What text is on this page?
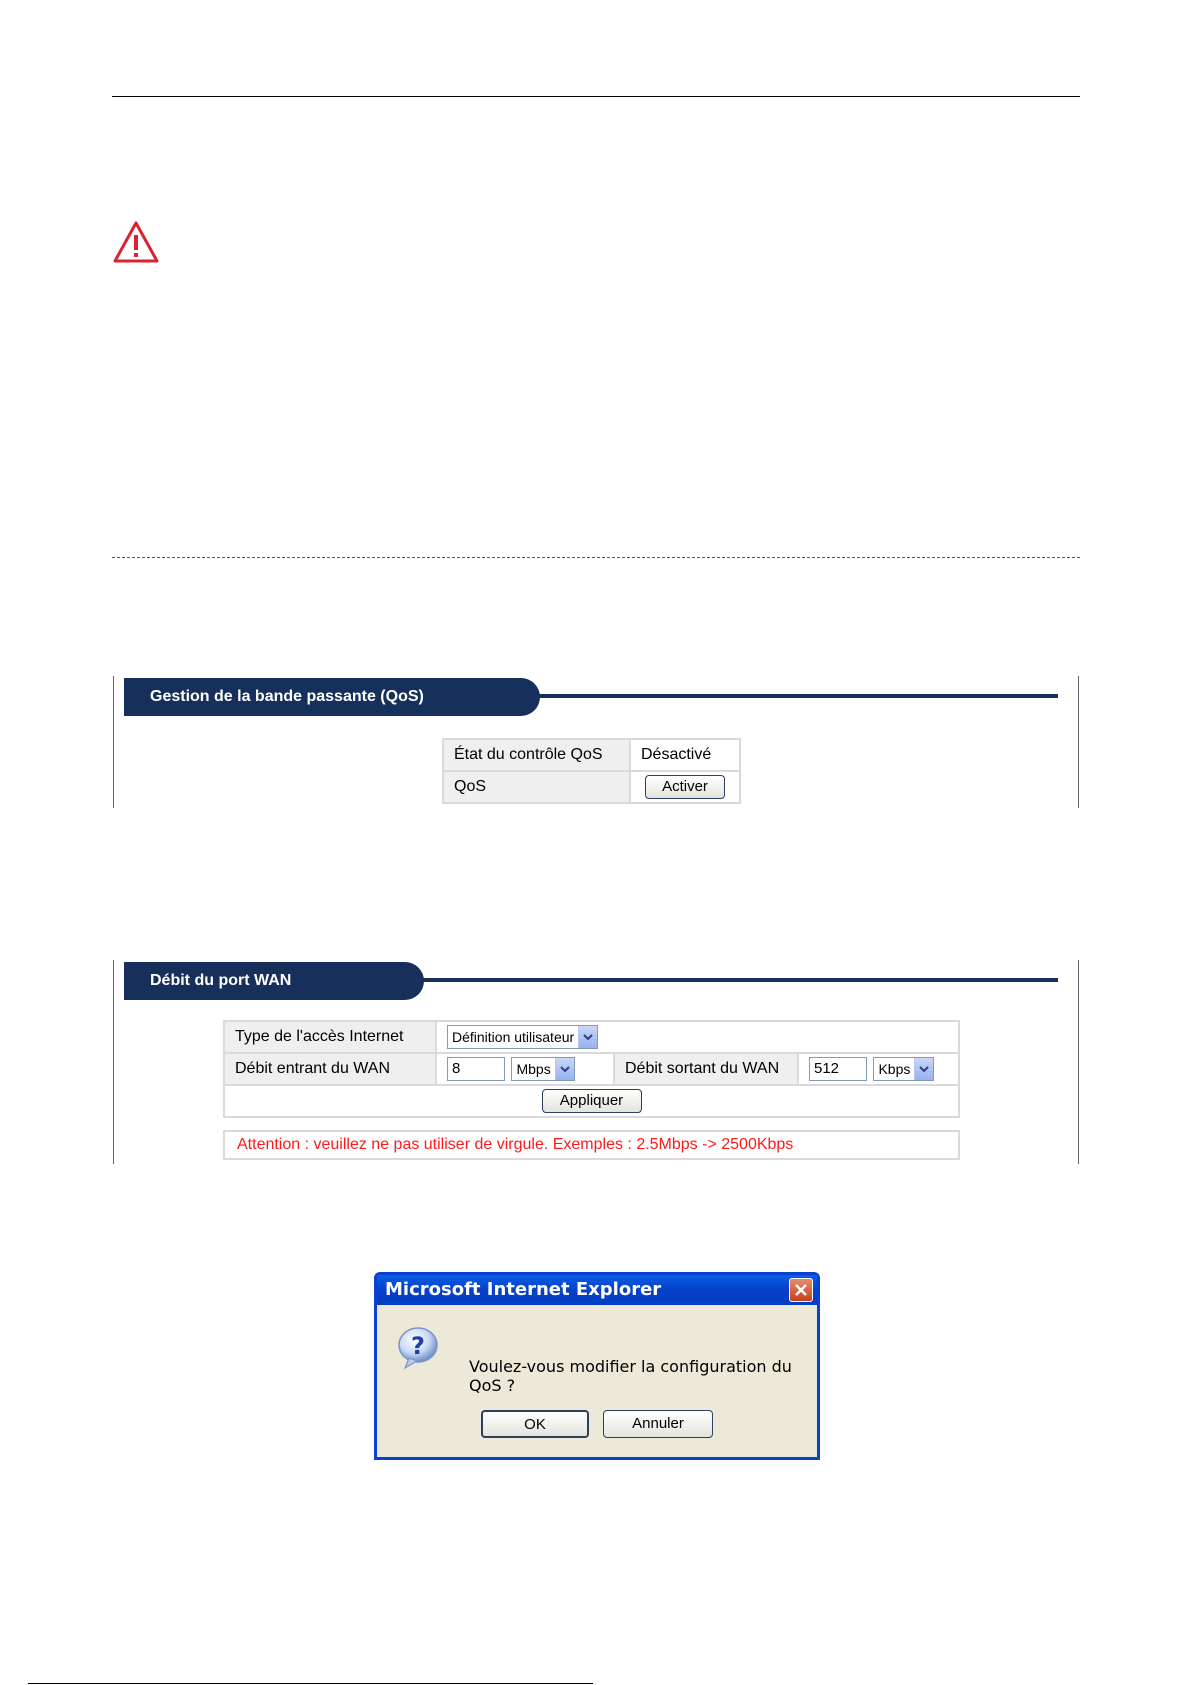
Gestion de la bande passante (QoS)
État du contrôle QoS	Désactivé
QoS	Activer
Débit du port WAN
Type de l'accès Internet	Définition utilisateur		

Débit entrant du WAN	8 Mbps	Débit sortant du WAN	512 Kbps

Appliquer			
Attention : veuillez ne pas utiliser de virgule. Exemples : 2.5Mbps -> 2500Kbps
Microsoft Internet Explorer
?
Voulez-vous modifier la configuration du QoS ?
OK	Annuler
